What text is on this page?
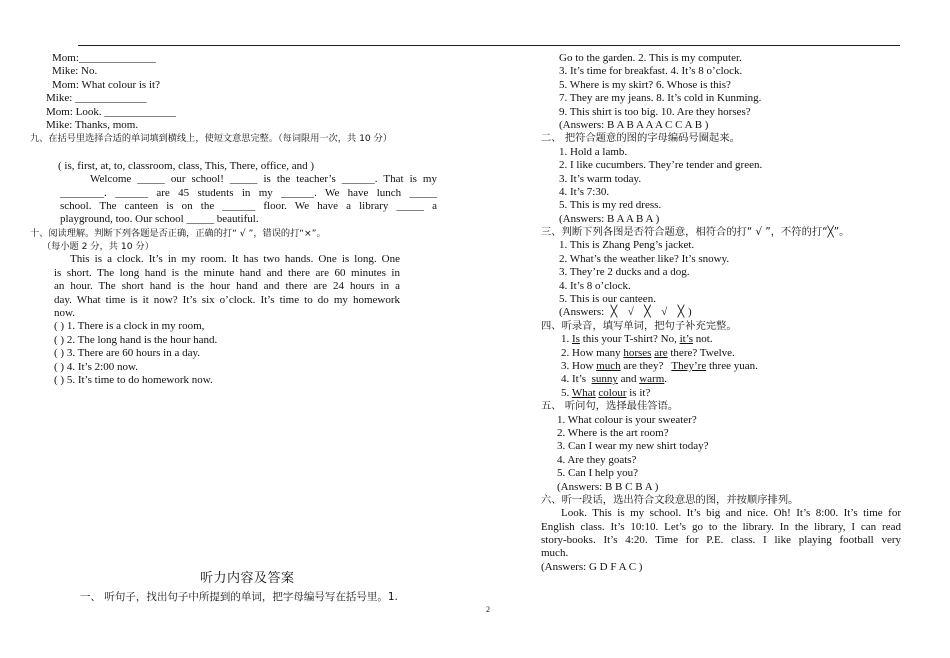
Mom:______________
Mike: No.
Mom: What colour is it?
Mike: _____________
Mom: Look. _____________
Mike: Thanks, mom.
九、在括号里选择合适的单词填到横线上，使短文意思完整。（每词限用一次，共 10 分）
( is, first, at, to, classroom, class, This, There, office, and )
Welcome _____ our school! _____ is the teacher’s ______. That is my
________. ______ are 45 students in my ______. We have lunch _____
school. The canteen is on the ______ floor. We have a library _____ a
playground, too. Our school _____ beautiful.
十、阅读理解。判断下列各题是否正确，正确的打“ √ ”，错误的打“×”。
（每小题 2 分，共 10 分）
This is a clock. It’s in my room. It has two hands. One is long. One
is short. The long hand is the minute hand and there are 60 minutes in
an hour. The short hand is the hour hand and there are 24 hours in a
day. What time is it now? It’s six o’clock. It’s time to do my homework
now.
( ) 1. There is a clock in my room,
( ) 2. The long hand is the hour hand.
( ) 3. There are 60 hours in a day.
( ) 4. It’s 2:00 now.
( ) 5. It’s time to do homework now.
听力内容及答案
一、 听句子，找出句子中所提到的单词，把字母编号写在括号里。1.
2
Go to the garden. 2. This is my computer.
3. It’s time for breakfast. 4. It’s 8 o’clock.
5. Where is my skirt? 6. Whose is this?
7. They are my jeans. 8. It’s cold in Kunming.
9. This shirt is too big. 10. Are they horses?
(Answers: B A B A A A C C A B )
二、 把符合题意的图的字母编码号圈起来。
1. Hold a lamb.
2. I like cucumbers. They’re tender and green.
3. It’s warm today.
4. It’s 7:30.
5. This is my red dress.
(Answers: B A A B A )
三、判断下列各图是否符合题意，相符合的打“ √ ”，不符的打“╳”。
1. This is Zhang Peng’s jacket.
2. What’s the weather like? It’s snowy.
3. They’re 2 ducks and a dog.
4. It’s 8 o’clock.
5. This is our canteen.
(Answers: ╳ √ ╳ √ ╳ )
四、听录音，填写单词，把句子补充完整。
1. Is this your T-shirt? No, it’s not.
2. How many horses are there? Twelve.
3. How much are they?   They’re three yuan.
4. It’s  sunny and warm.
5. What colour is it?
五、 听问句，选择最佳答语。
1. What colour is your sweater?
2. Where is the art room?
3. Can I wear my new shirt today?
4. Are they goats?
5. Can I help you?
(Answers: B B C B A )
六、听一段话，选出符合文段意思的图，并按顺序排列。
Look. This is my school. It’s big and nice. Oh! It’s 8:00. It’s time for
English class. It’s 10:10. Let’s go to the library. In the library, I can read
story-books. It’s 4:20. Time for P.E. class. I like playing football very
much.
(Answers: G D F A C )
